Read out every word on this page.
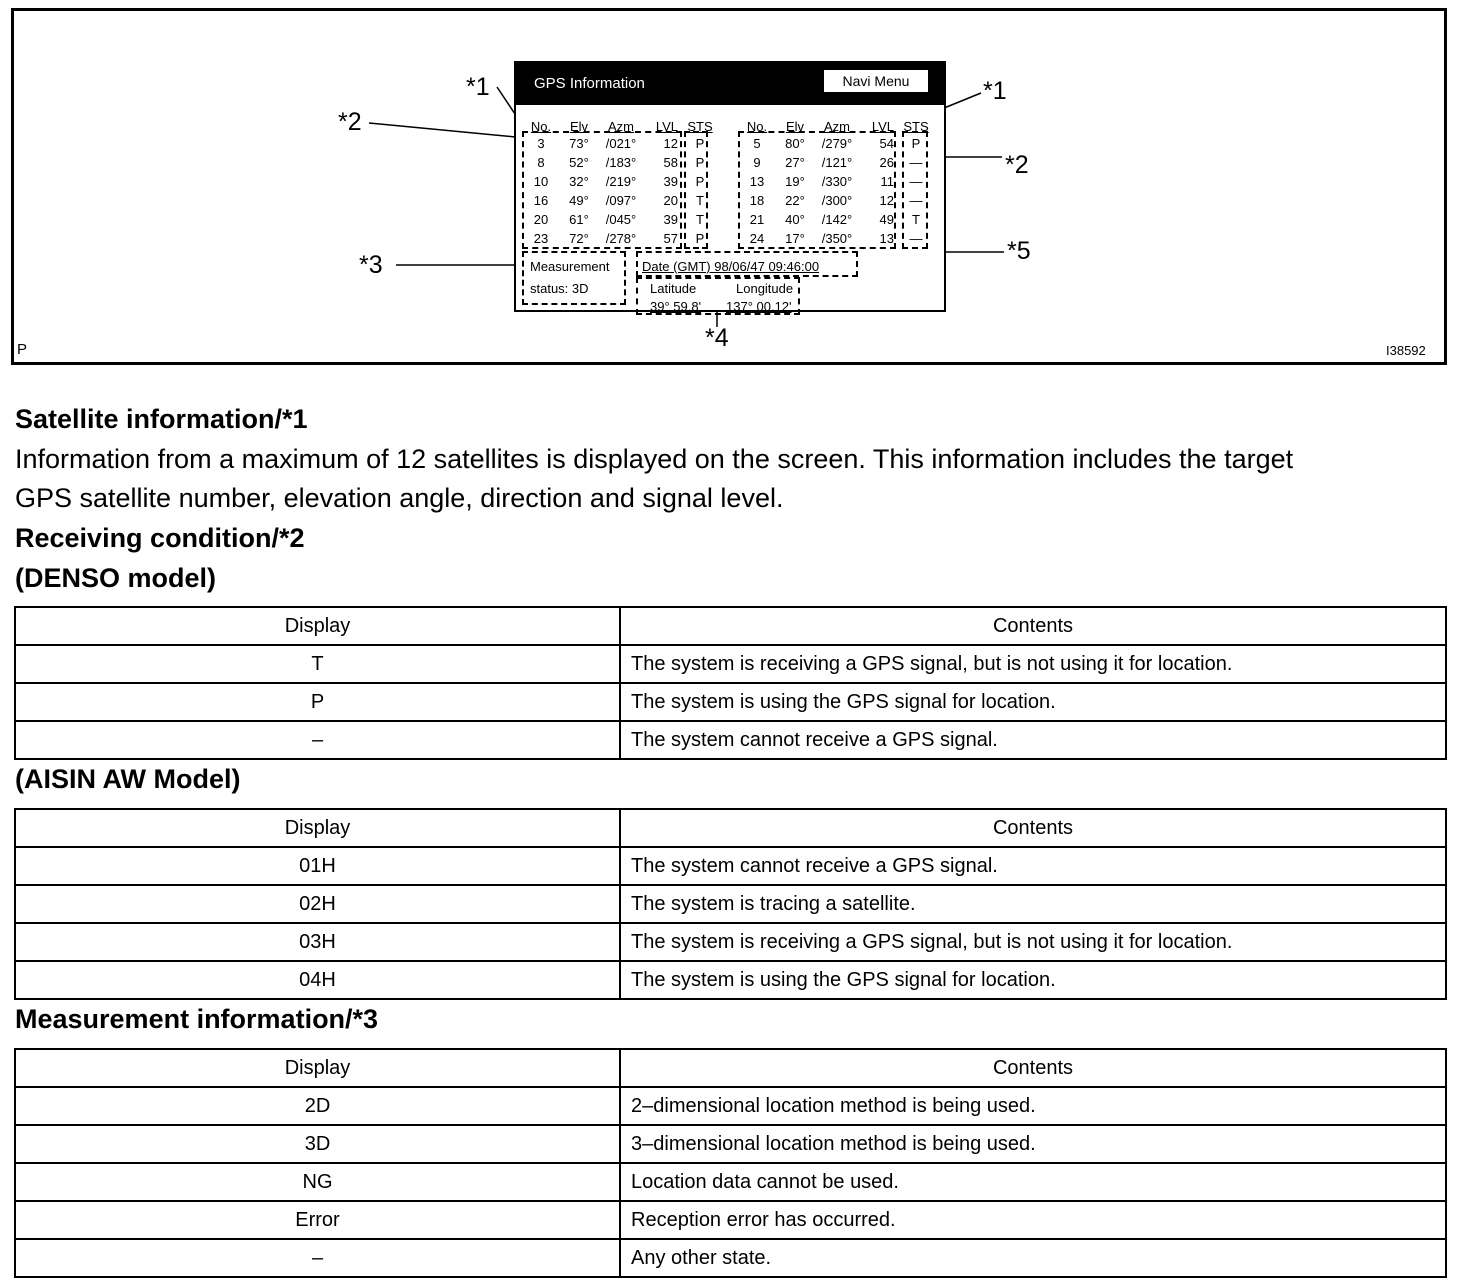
P	I38592
*1	*1
*2
*2
*3
*4
*5
GPS Information	Navi Menu
No.	Elv	Azm	LVL STS
3	73°	/021°	12	P
8	52°	/183°	58	P
10	32°	/219°	39	P
16	49°	/097°	20	T
20	61°	/045°	39	T
23	72°	/278°	57	P
No.	Elv	Azm	LVL STS
5	80°	/279°	54	P
9	27°	/121°	26	—
13	19°	/330°	11	—
18	22°	/300°	12	—
21	40°	/142°	49	T
24	17°	/350°	13	—
Measurement
status: 3D
Date (GMT) 98/06/47 09:46:00
Latitude	Longitude
39° 59.8' 137° 00.12'
Satellite information/*1
Information from a maximum of 12 satellites is displayed on the screen. This information includes the target
GPS satellite number, elevation angle, direction and signal level.
Receiving condition/*2
(DENSO model)
Display	Contents
T	The system is receiving a GPS signal, but is not using it for location.
P	The system is using the GPS signal for location.
–	The system cannot receive a GPS signal.
(AISIN AW Model)
Display	Contents
01H	The system cannot receive a GPS signal.
02H	The system is tracing a satellite.
03H	The system is receiving a GPS signal, but is not using it for location.
04H	The system is using the GPS signal for location.
Measurement information/*3
Display	Contents
2D	2–dimensional location method is being used.
3D	3–dimensional location method is being used.
NG	Location data cannot be used.
Error	Reception error has occurred.
–	Any other state.
